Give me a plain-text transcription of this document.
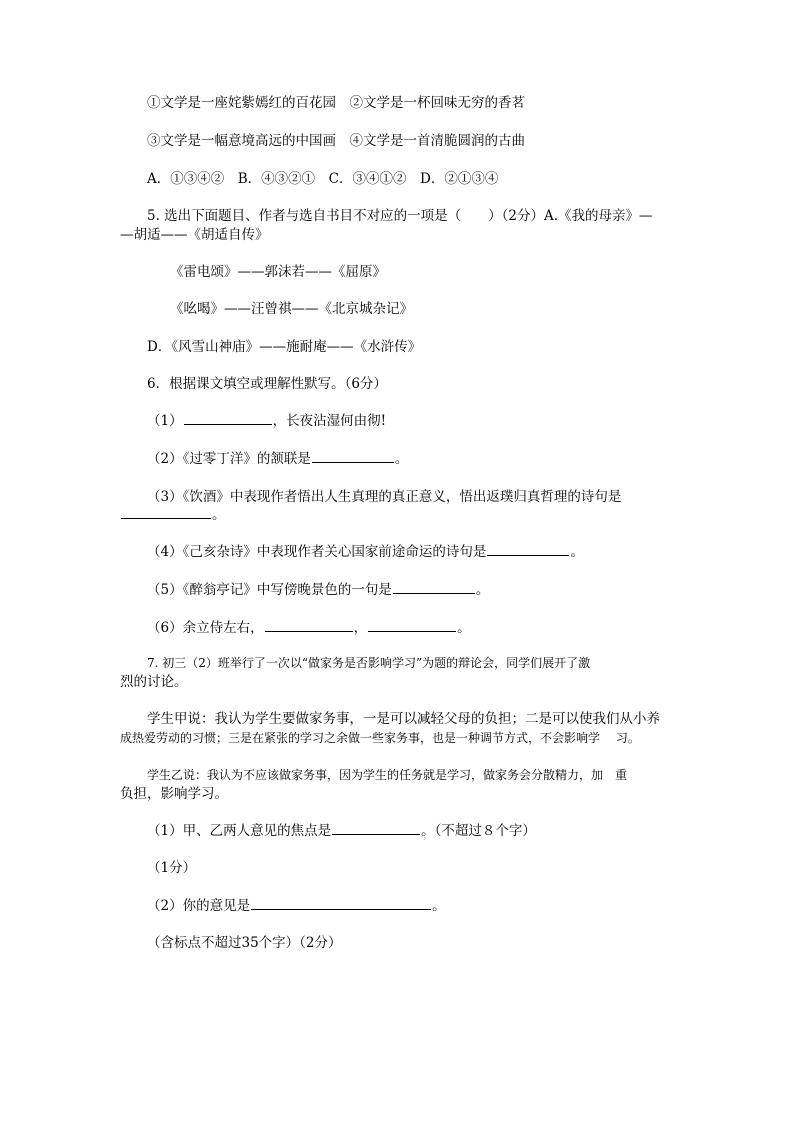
①文学是一座姹紫嫣红的百花园　②文学是一杯回味无穷的香茗
③文学是一幅意境高远的中国画　④文学是一首清脆圆润的古曲
A．①③④②　B．④③②①　C．③④①②　D．②①③④
5. 选出下面题目、作者与选自书目不对应的一项是（　　）（2分）A.《我的母亲》—
—胡适——《胡适自传》
《雷电颂》——郭沫若——《屈原》
《吆喝》——汪曾祺——《北京城杂记》
D．《风雪山神庙》——施耐庵——《水浒传》
6．根据课文填空或理解性默写。（6分）
（1）	，长夜沾湿何由彻!
（2）《过零丁洋》的颔联是	。
（3）《饮酒》中表现作者悟出人生真理的真正意义，悟出返璞归真哲理的诗句是
。
（4）《己亥杂诗》中表现作者关心国家前途命运的诗句是	。
（5）《醉翁亭记》中写傍晚景色的一句是	。
（6）余立侍左右，	，	。
7. 初三（2）班举行了一次以“做家务是否影响学习”为题的辩论会，同学们展开了激
烈的讨论。
学生甲说：我认为学生要做家务事，一是可以减轻父母的负担；二是可以使我们从小养
成热爱劳动的习惯；三是在紧张的学习之余做一些家务事，也是一种调节方式，不会影响学　 习。
学生乙说：我认为不应该做家务事，因为学生的任务就是学习，做家务会分散精力，加　重
负担，影响学习。
（1）甲、乙两人意见的焦点是	。（不超过８个字）
（1分）
（2）你的意见是	。
（含标点不超过35个字）（2分）
